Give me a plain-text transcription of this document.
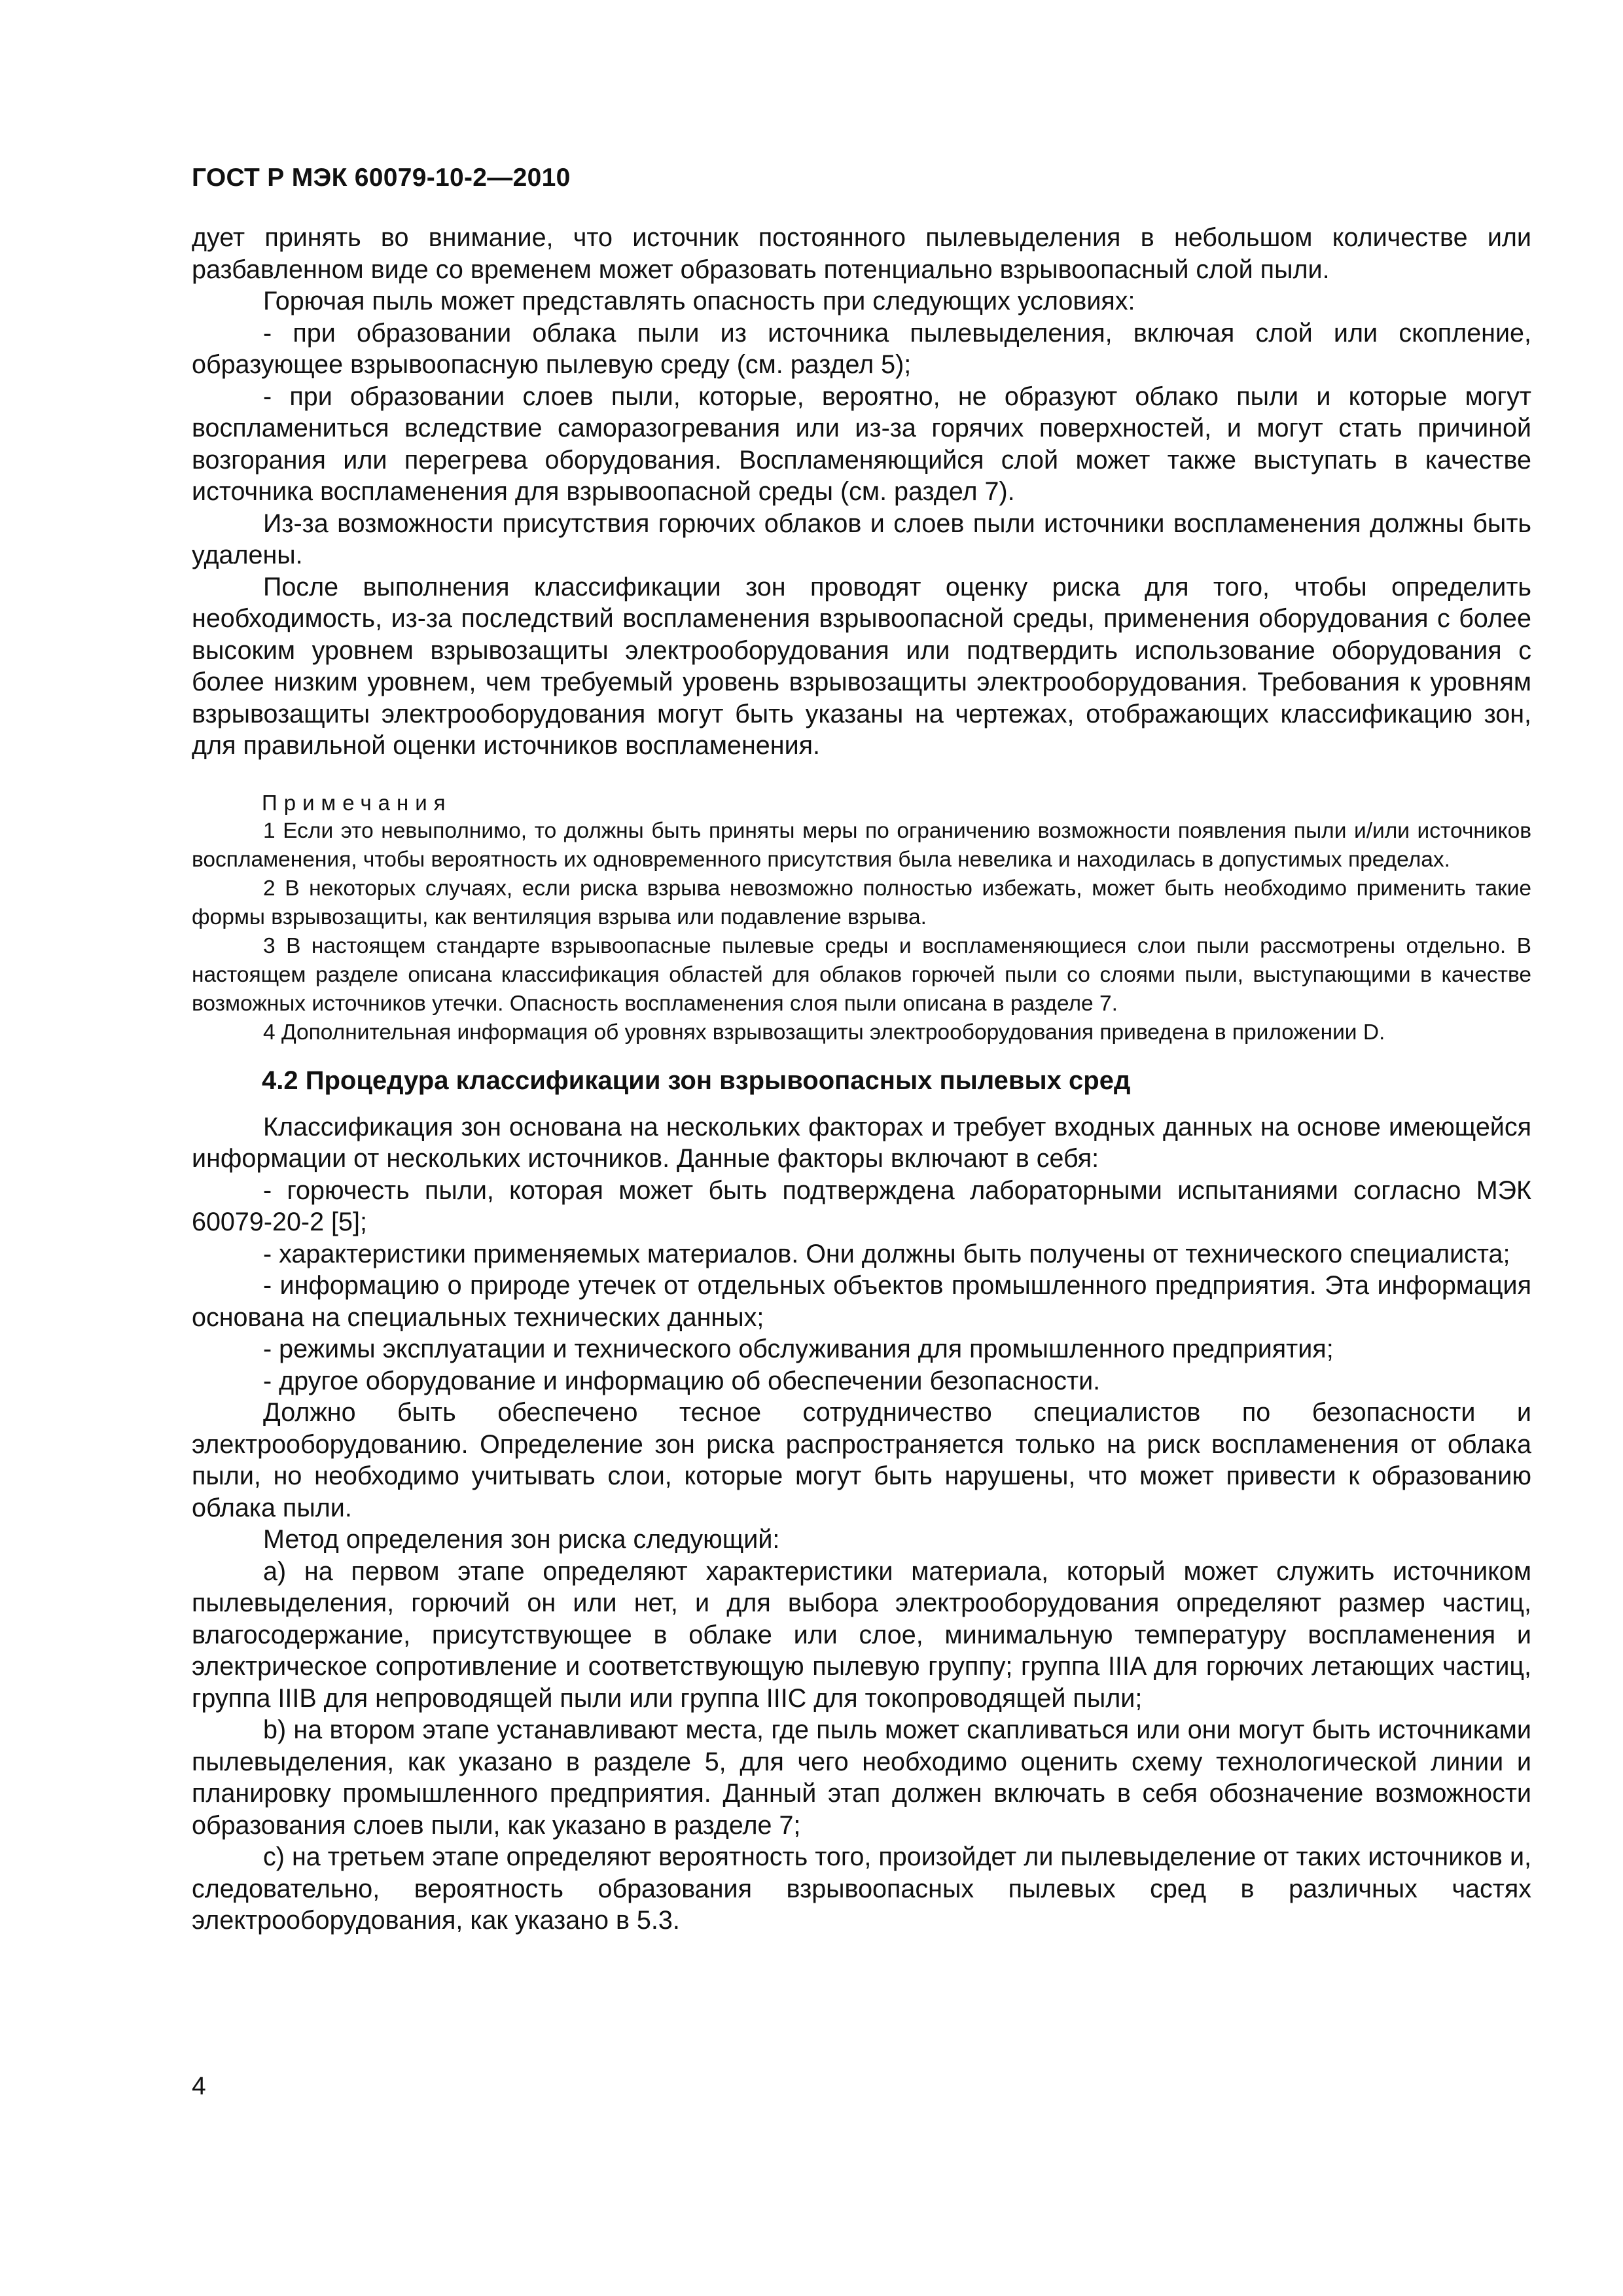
ГОСТ Р МЭК 60079-10-2—2010

дует принять во внимание, что источник постоянного пылевыделения в небольшом количестве или разбавленном виде со временем может образовать потенциально взрывоопасный слой пыли.

Горючая пыль может представлять опасность при следующих условиях:

- при образовании облака пыли из источника пылевыделения, включая слой или скопление, образующее взрывоопасную пылевую среду (см. раздел 5);

- при образовании слоев пыли, которые, вероятно, не образуют облако пыли и которые могут воспламениться вследствие саморазогревания или из-за горячих поверхностей, и могут стать причиной возгорания или перегрева оборудования. Воспламеняющийся слой может также выступать в качестве источника воспламенения для взрывоопасной среды (см. раздел 7).

Из-за возможности присутствия горючих облаков и слоев пыли источники воспламенения должны быть удалены.

После выполнения классификации зон проводят оценку риска для того, чтобы определить необходимость, из-за последствий воспламенения взрывоопасной среды, применения оборудования с более высоким уровнем взрывозащиты электрооборудования или подтвердить использование оборудования с более низким уровнем, чем требуемый уровень взрывозащиты электрооборудования. Требования к уровням взрывозащиты электрооборудования могут быть указаны на чертежах, отображающих классификацию зон, для правильной оценки источников воспламенения.

Примечания

1 Если это невыполнимо, то должны быть приняты меры по ограничению возможности появления пыли и/или источников воспламенения, чтобы вероятность их одновременного присутствия была невелика и находилась в допустимых пределах.

2 В некоторых случаях, если риска взрыва невозможно полностью избежать, может быть необходимо применить такие формы взрывозащиты, как вентиляция взрыва или подавление взрыва.

3 В настоящем стандарте взрывоопасные пылевые среды и воспламеняющиеся слои пыли рассмотрены отдельно. В настоящем разделе описана классификация областей для облаков горючей пыли со слоями пыли, выступающими в качестве возможных источников утечки. Опасность воспламенения слоя пыли описана в разделе 7.

4 Дополнительная информация об уровнях взрывозащиты электрооборудования приведена в приложении D.

4.2 Процедура классификации зон взрывоопасных пылевых сред

Классификация зон основана на нескольких факторах и требует входных данных на основе имеющейся информации от нескольких источников. Данные факторы включают в себя:

- горючесть пыли, которая может быть подтверждена лабораторными испытаниями согласно МЭК 60079-20-2 [5];

- характеристики применяемых материалов. Они должны быть получены от технического специалиста;

- информацию о природе утечек от отдельных объектов промышленного предприятия. Эта информация основана на специальных технических данных;

- режимы эксплуатации и технического обслуживания для промышленного предприятия;

- другое оборудование и информацию об обеспечении безопасности.

Должно быть обеспечено тесное сотрудничество специалистов по безопасности и электрооборудованию. Определение зон риска распространяется только на риск воспламенения от облака пыли, но необходимо учитывать слои, которые могут быть нарушены, что может привести к образованию облака пыли.

Метод определения зон риска следующий:

a) на первом этапе определяют характеристики материала, который может служить источником пылевыделения, горючий он или нет, и для выбора электрооборудования определяют размер частиц, влагосодержание, присутствующее в облаке или слое, минимальную температуру воспламенения и электрическое сопротивление и соответствующую пылевую группу; группа IIIA для горючих летающих частиц, группа IIIB для непроводящей пыли или группа IIIC для токопроводящей пыли;

b) на втором этапе устанавливают места, где пыль может скапливаться или они могут быть источниками пылевыделения, как указано в разделе 5, для чего необходимо оценить схему технологической линии и планировку промышленного предприятия. Данный этап должен включать в себя обозначение возможности образования слоев пыли, как указано в разделе 7;

c) на третьем этапе определяют вероятность того, произойдет ли пылевыделение от таких источников и, следовательно, вероятность образования взрывоопасных пылевых сред в различных частях электрооборудования, как указано в 5.3.

4
